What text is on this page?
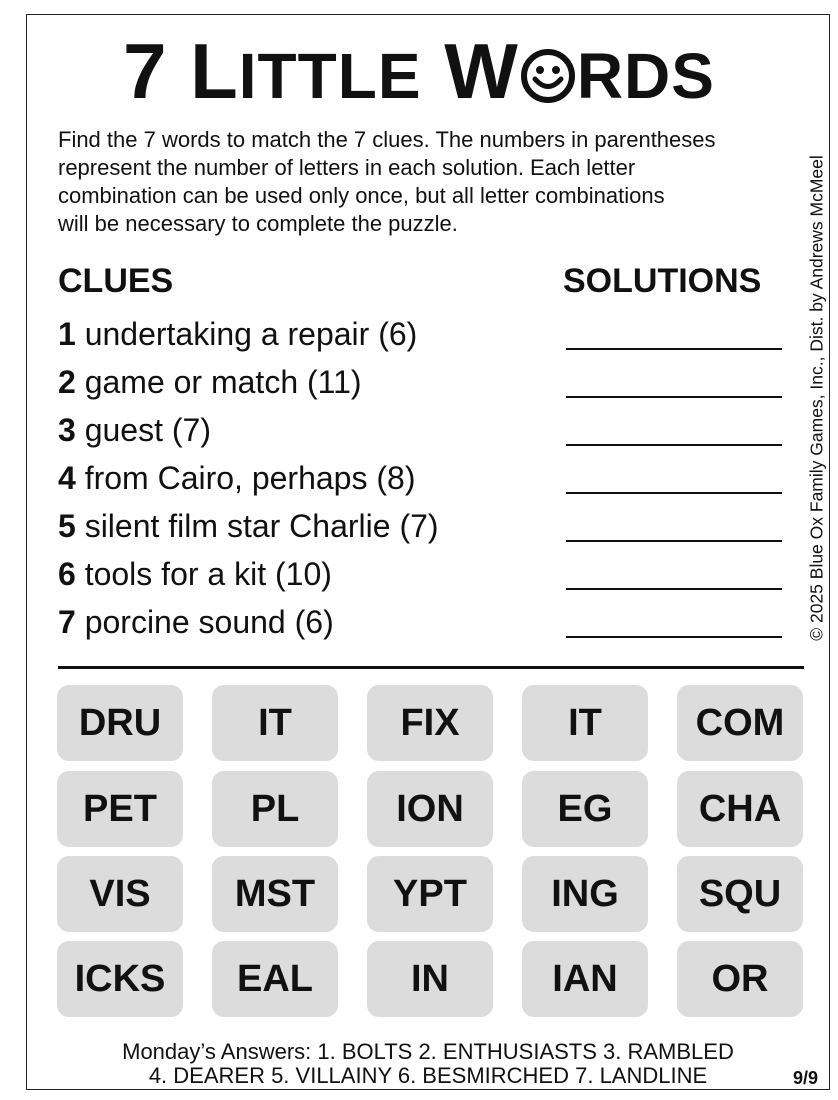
7 LITTLE W RDS
Find the 7 words to match the 7 clues. The numbers in parentheses
represent the number of letters in each solution. Each letter
combination can be used only once, but all letter combinations
will be necessary to complete the puzzle.
CLUES	SOLUTIONS
1 undertaking a repair (6)
2 game or match (11)
3 guest (7)
4 from Cairo, perhaps (8)
5 silent film star Charlie (7)
6 tools for a kit (10)
7 porcine sound (6)	© 2025 Blue Ox Family Games, Inc., Dist. by Andrews McMeel
DRU	IT	FIX	IT	COM
PET	PL	ION	EG	CHA
VIS	MST	YPT	ING	SQU
ICKS	EAL	IN	IAN	OR
Monday’s Answers: 1. BOLTS 2. ENTHUSIASTS 3. RAMBLED
4. DEARER 5. VILLAINY 6. BESMIRCHED 7. LANDLINE	9/9
